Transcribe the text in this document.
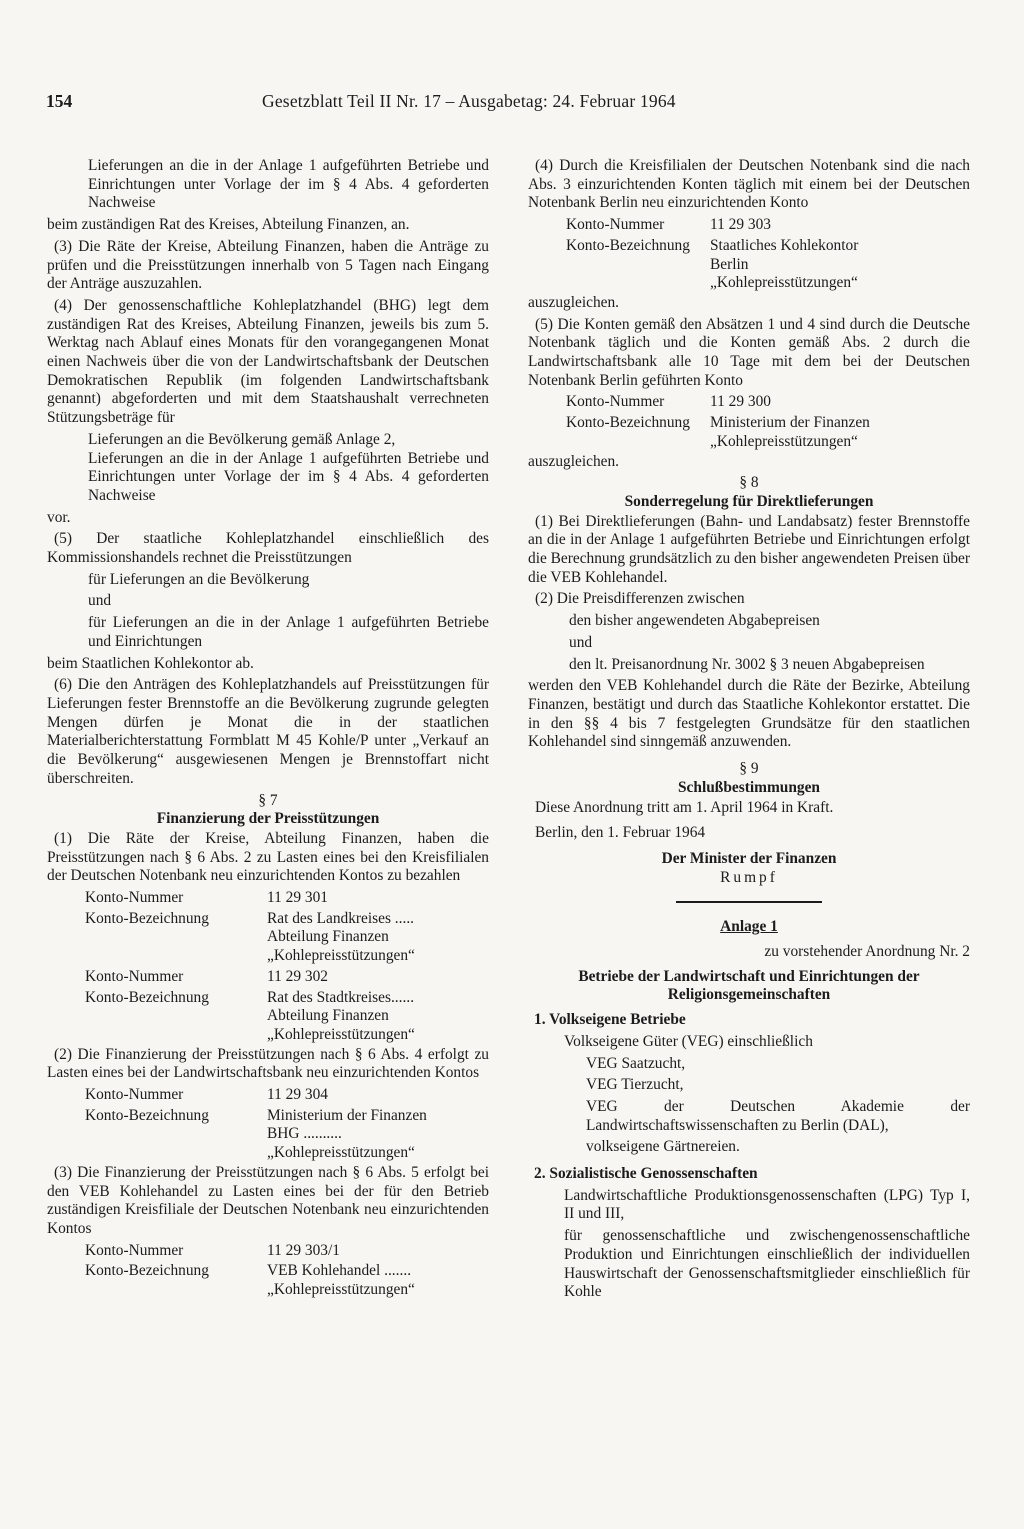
154	Gesetzblatt Teil II Nr. 17 – Ausgabetag: 24. Februar 1964

Lieferungen an die in der Anlage 1 aufgeführten Betriebe und Einrichtungen unter Vorlage der im § 4 Abs. 4 geforderten Nachweise

beim zuständigen Rat des Kreises, Abteilung Finanzen, an.

(3) Die Räte der Kreise, Abteilung Finanzen, haben die Anträge zu prüfen und die Preisstützungen innerhalb von 5 Tagen nach Eingang der Anträge auszuzahlen.

(4) Der genossenschaftliche Kohleplatzhandel (BHG) legt dem zuständigen Rat des Kreises, Abteilung Finanzen, jeweils bis zum 5. Werktag nach Ablauf eines Monats für den vorangegangenen Monat einen Nachweis über die von der Landwirtschaftsbank der Deutschen Demokratischen Republik (im folgenden Landwirtschaftsbank genannt) abgeforderten und mit dem Staatshaushalt verrechneten Stützungsbeträge für

Lieferungen an die Bevölkerung gemäß Anlage 2,

Lieferungen an die in der Anlage 1 aufgeführten Betriebe und Einrichtungen unter Vorlage der im § 4 Abs. 4 geforderten Nachweise

vor.

(5) Der staatliche Kohleplatzhandel einschließlich des Kommissionshandels rechnet die Preisstützungen

für Lieferungen an die Bevölkerung

und

für Lieferungen an die in der Anlage 1 aufgeführten Betriebe und Einrichtungen

beim Staatlichen Kohlekontor ab.

(6) Die den Anträgen des Kohleplatzhandels auf Preisstützungen für Lieferungen fester Brennstoffe an die Bevölkerung zugrunde gelegten Mengen dürfen je Monat die in der staatlichen Materialberichterstattung Formblatt M 45 Kohle/P unter „Verkauf an die Bevölkerung“ ausgewiesenen Mengen je Brennstoffart nicht überschreiten.

§ 7

Finanzierung der Preisstützungen

(1) Die Räte der Kreise, Abteilung Finanzen, haben die Preisstützungen nach § 6 Abs. 2 zu Lasten eines bei den Kreisfilialen der Deutschen Notenbank neu einzurichtenden Kontos zu bezahlen

Konto-Nummer	11 29 301
Konto-Bezeichnung	Rat des Landkreises .....
Abteilung Finanzen
„Kohlepreisstützungen“
Konto-Nummer	11 29 302
Konto-Bezeichnung	Rat des Stadtkreises......
Abteilung Finanzen
„Kohlepreisstützungen“

(2) Die Finanzierung der Preisstützungen nach § 6 Abs. 4 erfolgt zu Lasten eines bei der Landwirtschaftsbank neu einzurichtenden Kontos

Konto-Nummer	11 29 304
Konto-Bezeichnung	Ministerium der Finanzen
BHG ..........
„Kohlepreisstützungen“

(3) Die Finanzierung der Preisstützungen nach § 6 Abs. 5 erfolgt bei den VEB Kohlehandel zu Lasten eines bei der für den Betrieb zuständigen Kreisfiliale der Deutschen Notenbank neu einzurichtenden Kontos

Konto-Nummer	11 29 303/1
Konto-Bezeichnung	VEB Kohlehandel .......
„Kohlepreisstützungen“

(4) Durch die Kreisfilialen der Deutschen Notenbank sind die nach Abs. 3 einzurichtenden Konten täglich mit einem bei der Deutschen Notenbank Berlin neu einzurichtenden Konto

Konto-Nummer	11 29 303
Konto-Bezeichnung	Staatliches Kohlekontor
Berlin
„Kohlepreisstützungen“

auszugleichen.

(5) Die Konten gemäß den Absätzen 1 und 4 sind durch die Deutsche Notenbank täglich und die Konten gemäß Abs. 2 durch die Landwirtschaftsbank alle 10 Tage mit dem bei der Deutschen Notenbank Berlin geführten Konto

Konto-Nummer	11 29 300
Konto-Bezeichnung	Ministerium der Finanzen
„Kohlepreisstützungen“

auszugleichen.

§ 8

Sonderregelung für Direktlieferungen

(1) Bei Direktlieferungen (Bahn- und Landabsatz) fester Brennstoffe an die in der Anlage 1 aufgeführten Betriebe und Einrichtungen erfolgt die Berechnung grundsätzlich zu den bisher angewendeten Preisen über die VEB Kohlehandel.

(2) Die Preisdifferenzen zwischen

den bisher angewendeten Abgabepreisen

und

den lt. Preisanordnung Nr. 3002 § 3 neuen Abgabepreisen

werden den VEB Kohlehandel durch die Räte der Bezirke, Abteilung Finanzen, bestätigt und durch das Staatliche Kohlekontor erstattet. Die in den §§ 4 bis 7 festgelegten Grundsätze für den staatlichen Kohlehandel sind sinngemäß anzuwenden.

§ 9

Schlußbestimmungen

Diese Anordnung tritt am 1. April 1964 in Kraft.

Berlin, den 1. Februar 1964

Der Minister der Finanzen

Rumpf

Anlage 1

zu vorstehender Anordnung Nr. 2

Betriebe der Landwirtschaft und Einrichtungen der Religionsgemeinschaften

1. Volkseigene Betriebe

Volkseigene Güter (VEG) einschließlich

VEG Saatzucht,

VEG Tierzucht,

VEG der Deutschen Akademie der Landwirtschaftswissenschaften zu Berlin (DAL),

volkseigene Gärtnereien.

2. Sozialistische Genossenschaften

Landwirtschaftliche Produktionsgenossenschaften (LPG) Typ I, II und III,

für genossenschaftliche und zwischengenossenschaftliche Produktion und Einrichtungen einschließlich der individuellen Hauswirtschaft der Genossenschaftsmitglieder einschließlich für Kohle
